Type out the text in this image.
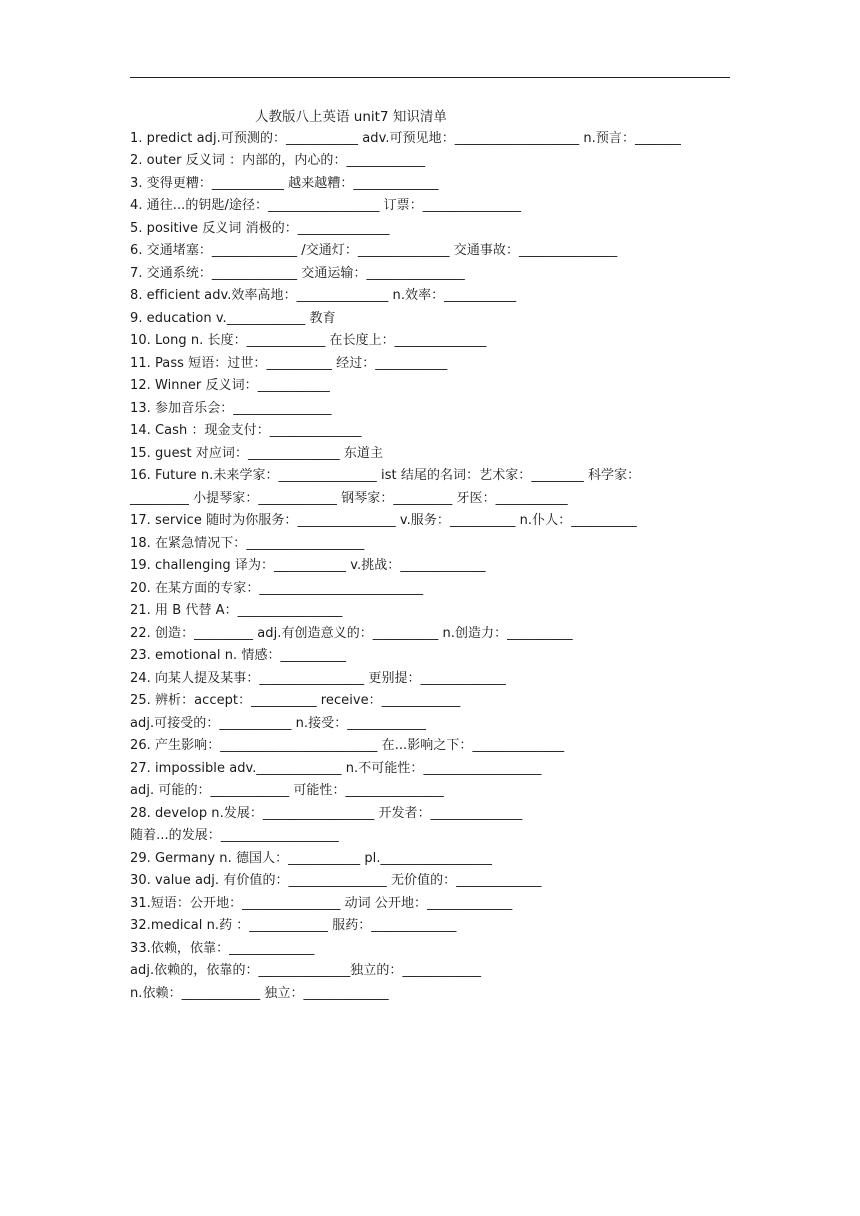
人教版八上英语 unit7 知识清单
1. predict adj.可预测的：___________ adv.可预见地：___________________ n.预言：_______
2. outer 反义词 ：内部的，内心的：____________
3. 变得更糟：___________ 越来越糟：_____________
4. 通往...的钥匙/途径：_________________ 订票：_______________
5. positive 反义词 消极的：______________
6. 交通堵塞：_____________ /交通灯：______________ 交通事故：_______________
7. 交通系统：_____________ 交通运输：_______________
8. efficient adv.效率高地：______________ n.效率：___________
9. education v.____________ 教育
10. Long n. 长度：____________ 在长度上：______________
11. Pass 短语：过世：__________ 经过：___________
12. Winner 反义词：___________
13. 参加音乐会：_______________
14. Cash ：现金支付：______________
15. guest 对应词：______________ 东道主
16. Future n.未来学家：_______________ ist 结尾的名词：艺术家：________ 科学家：
_________ 小提琴家：____________ 钢琴家：_________ 牙医：___________
17. service 随时为你服务：_______________ v.服务：__________ n.仆人：__________
18. 在紧急情况下：__________________
19. challenging 译为：___________ v.挑战：_____________
20. 在某方面的专家：_________________________
21. 用 B 代替 A：________________
22. 创造：_________ adj.有创造意义的：__________ n.创造力：__________
23. emotional n. 情感：__________
24. 向某人提及某事：________________ 更别提：_____________
25. 辨析：accept：__________ receive：____________
adj.可接受的：___________ n.接受：____________
26. 产生影响：________________________ 在...影响之下：______________
27. impossible adv._____________ n.不可能性：__________________
adj. 可能的：____________ 可能性：_______________
28. develop n.发展：_________________ 开发者：______________
随着...的发展：__________________
29. Germany n. 德国人：___________ pl._________________
30. value adj. 有价值的：_______________ 无价值的：_____________
31.短语：公开地：_______________ 动词 公开地：_____________
32.medical n.药 ：____________ 服药：_____________
33.依赖，依靠：_____________
adj.依赖的，依靠的：______________独立的：____________
n.依赖：____________ 独立：_____________
